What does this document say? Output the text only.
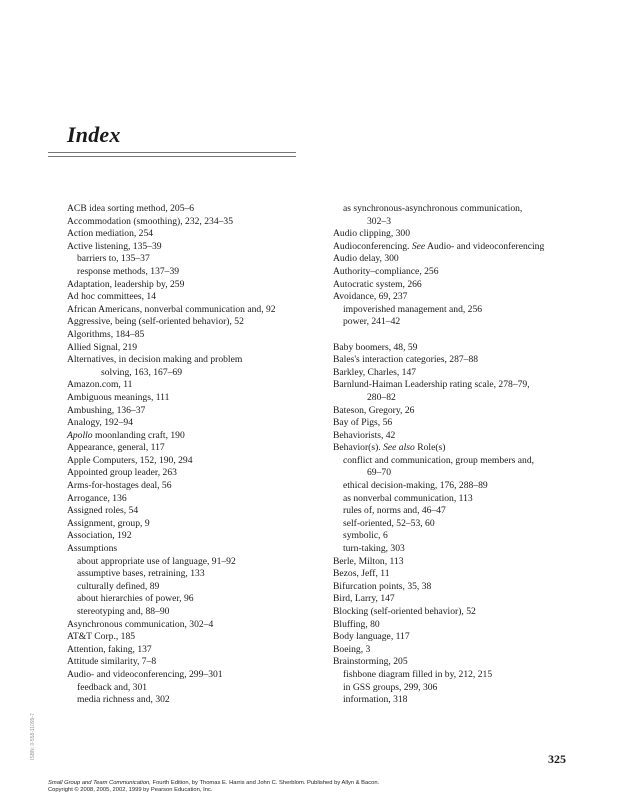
Index
ACB idea sorting method, 205–6
Accommodation (smoothing), 232, 234–35
Action mediation, 254
Active listening, 135–39
barriers to, 135–37
response methods, 137–39
Adaptation, leadership by, 259
Ad hoc committees, 14
African Americans, nonverbal communication and, 92
Aggressive, being (self-oriented behavior), 52
Algorithms, 184–85
Allied Signal, 219
Alternatives, in decision making and problem
solving, 163, 167–69
Amazon.com, 11
Ambiguous meanings, 111
Ambushing, 136–37
Analogy, 192–94
Apollo moonlanding craft, 190
Appearance, general, 117
Apple Computers, 152, 190, 294
Appointed group leader, 263
Arms-for-hostages deal, 56
Arrogance, 136
Assigned roles, 54
Assignment, group, 9
Association, 192
Assumptions
about appropriate use of language, 91–92
assumptive bases, retraining, 133
culturally defined, 89
about hierarchies of power, 96
stereotyping and, 88–90
Asynchronous communication, 302–4
AT&T Corp., 185
Attention, faking, 137
Attitude similarity, 7–8
Audio- and videoconferencing, 299–301
feedback and, 301
media richness and, 302
as synchronous-asynchronous communication,
302–3
Audio clipping, 300
Audioconferencing. See Audio- and videoconferencing
Audio delay, 300
Authority–compliance, 256
Autocratic system, 266
Avoidance, 69, 237
impoverished management and, 256
power, 241–42
Baby boomers, 48, 59
Bales's interaction categories, 287–88
Barkley, Charles, 147
Barnlund-Haiman Leadership rating scale, 278–79,
280–82
Bateson, Gregory, 26
Bay of Pigs, 56
Behaviorists, 42
Behavior(s). See also Role(s)
conflict and communication, group members and,
69–70
ethical decision-making, 176, 288–89
as nonverbal communication, 113
rules of, norms and, 46–47
self-oriented, 52–53, 60
symbolic, 6
turn-taking, 303
Berle, Milton, 113
Bezos, Jeff, 11
Bifurcation points, 35, 38
Bird, Larry, 147
Blocking (self-oriented behavior), 52
Bluffing, 80
Body language, 117
Boeing, 3
Brainstorming, 205
fishbone diagram filled in by, 212, 215
in GSS groups, 299, 306
information, 318
325
ISBN: 0-558-11099-7
Small Group and Team Communication, Fourth Edition, by Thomas E. Harris and John C. Sherblom. Published by Allyn & Bacon.
Copyright © 2008, 2005, 2002, 1999 by Pearson Education, Inc.
